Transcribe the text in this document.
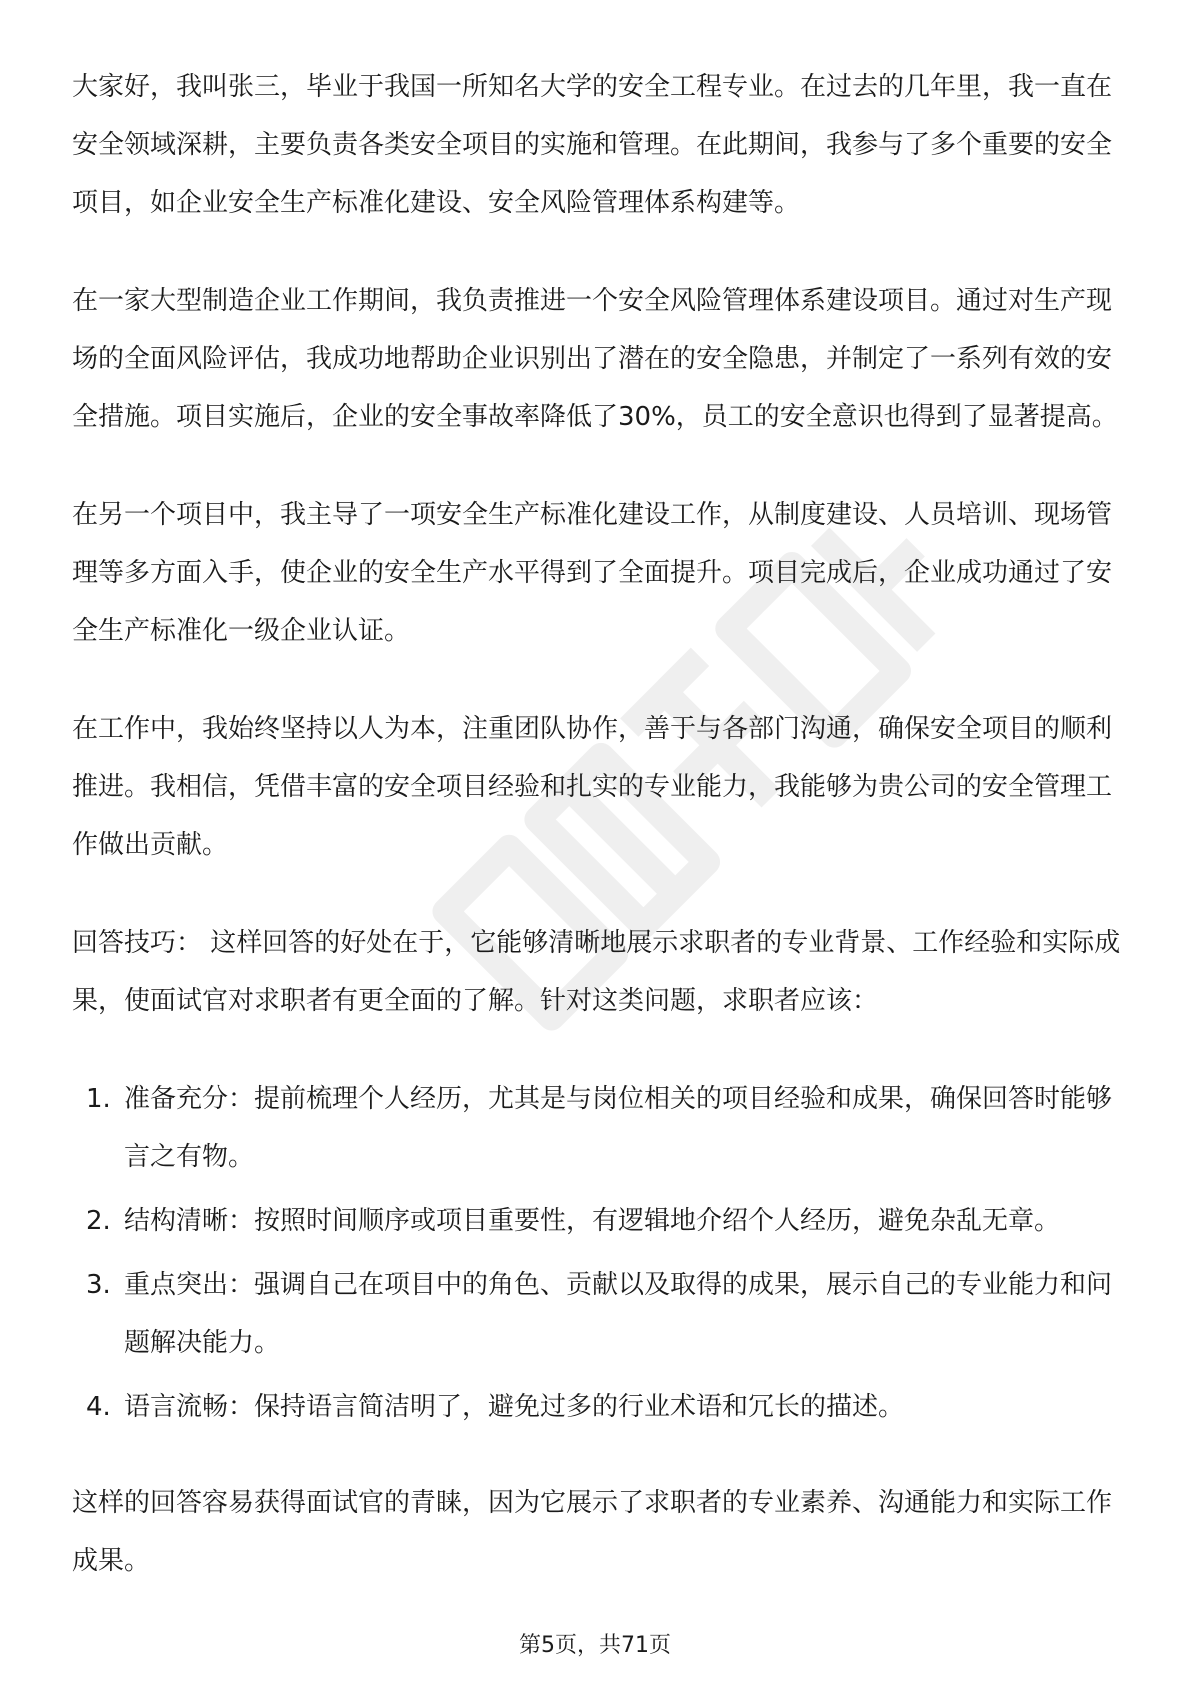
大家好，我叫张三，毕业于我国一所知名大学的安全工程专业。在过去的几年里，我一直在安全领域深耕，主要负责各类安全项目的实施和管理。在此期间，我参与了多个重要的安全项目，如企业安全生产标准化建设、安全风险管理体系构建等。

在一家大型制造企业工作期间，我负责推进一个安全风险管理体系建设项目。通过对生产现场的全面风险评估，我成功地帮助企业识别出了潜在的安全隐患，并制定了一系列有效的安全措施。项目实施后，企业的安全事故率降低了30%，员工的安全意识也得到了显著提高。

在另一个项目中，我主导了一项安全生产标准化建设工作，从制度建设、人员培训、现场管理等多方面入手，使企业的安全生产水平得到了全面提升。项目完成后，企业成功通过了安全生产标准化一级企业认证。

在工作中，我始终坚持以人为本，注重团队协作，善于与各部门沟通，确保安全项目的顺利推进。我相信，凭借丰富的安全项目经验和扎实的专业能力，我能够为贵公司的安全管理工作做出贡献。

回答技巧： 这样回答的好处在于，它能够清晰地展示求职者的专业背景、工作经验和实际成果，使面试官对求职者有更全面的了解。针对这类问题，求职者应该：

1. 准备充分：提前梳理个人经历，尤其是与岗位相关的项目经验和成果，确保回答时能够言之有物。
2. 结构清晰：按照时间顺序或项目重要性，有逻辑地介绍个人经历，避免杂乱无章。
3. 重点突出：强调自己在项目中的角色、贡献以及取得的成果，展示自己的专业能力和问题解决能力。
4. 语言流畅：保持语言简洁明了，避免过多的行业术语和冗长的描述。

这样的回答容易获得面试官的青睐，因为它展示了求职者的专业素养、沟通能力和实际工作成果。

第5页，共71页
